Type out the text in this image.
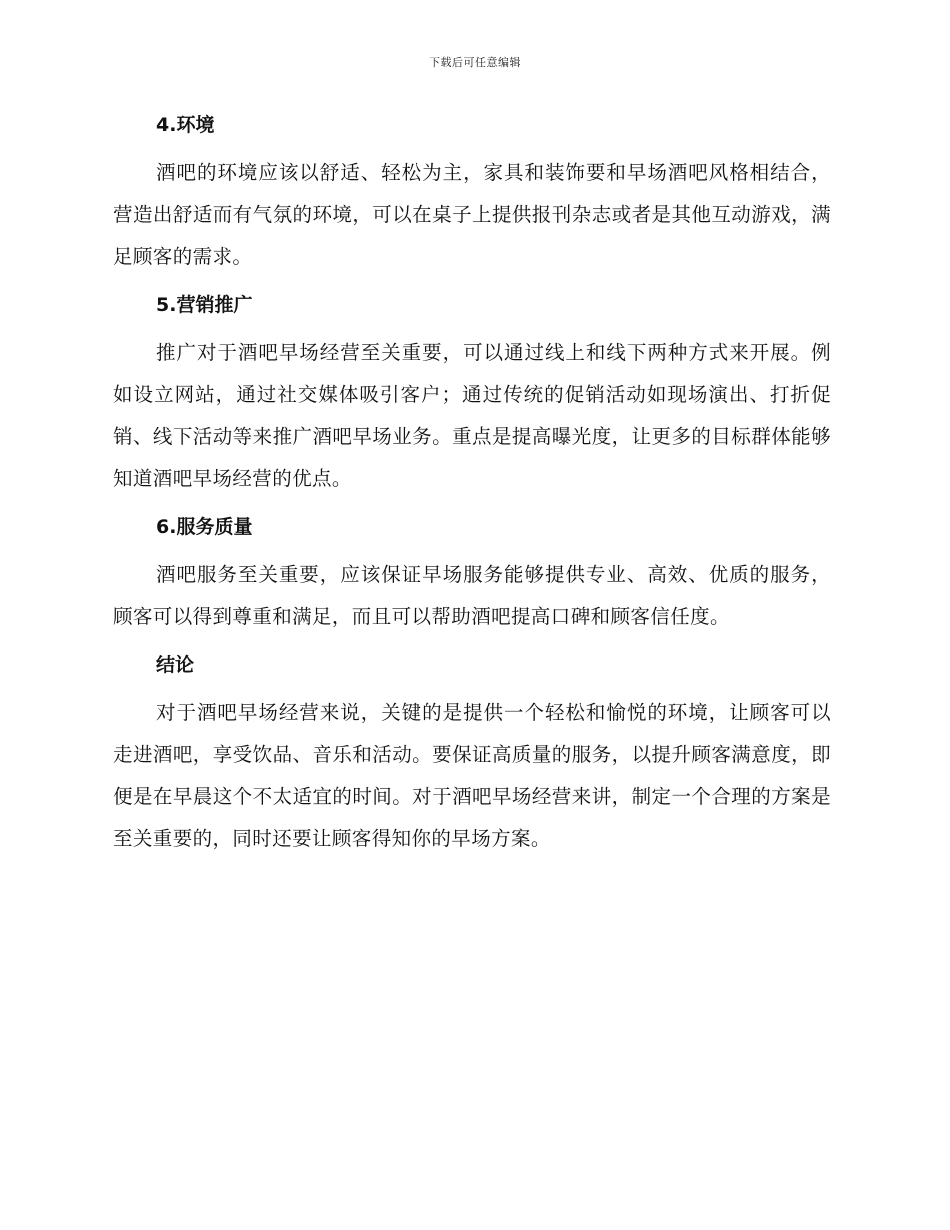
下载后可任意编辑
4.环境

酒吧的环境应该以舒适、轻松为主，家具和装饰要和早场酒吧风格相结合，营造出舒适而有气氛的环境，可以在桌子上提供报刊杂志或者是其他互动游戏，满足顾客的需求。

5.营销推广

推广对于酒吧早场经营至关重要，可以通过线上和线下两种方式来开展。例如设立网站，通过社交媒体吸引客户；通过传统的促销活动如现场演出、打折促销、线下活动等来推广酒吧早场业务。重点是提高曝光度，让更多的目标群体能够知道酒吧早场经营的优点。

6.服务质量

酒吧服务至关重要，应该保证早场服务能够提供专业、高效、优质的服务，顾客可以得到尊重和满足，而且可以帮助酒吧提高口碑和顾客信任度。

结论

对于酒吧早场经营来说，关键的是提供一个轻松和愉悦的环境，让顾客可以走进酒吧，享受饮品、音乐和活动。要保证高质量的服务，以提升顾客满意度，即便是在早晨这个不太适宜的时间。对于酒吧早场经营来讲，制定一个合理的方案是至关重要的，同时还要让顾客得知你的早场方案。
